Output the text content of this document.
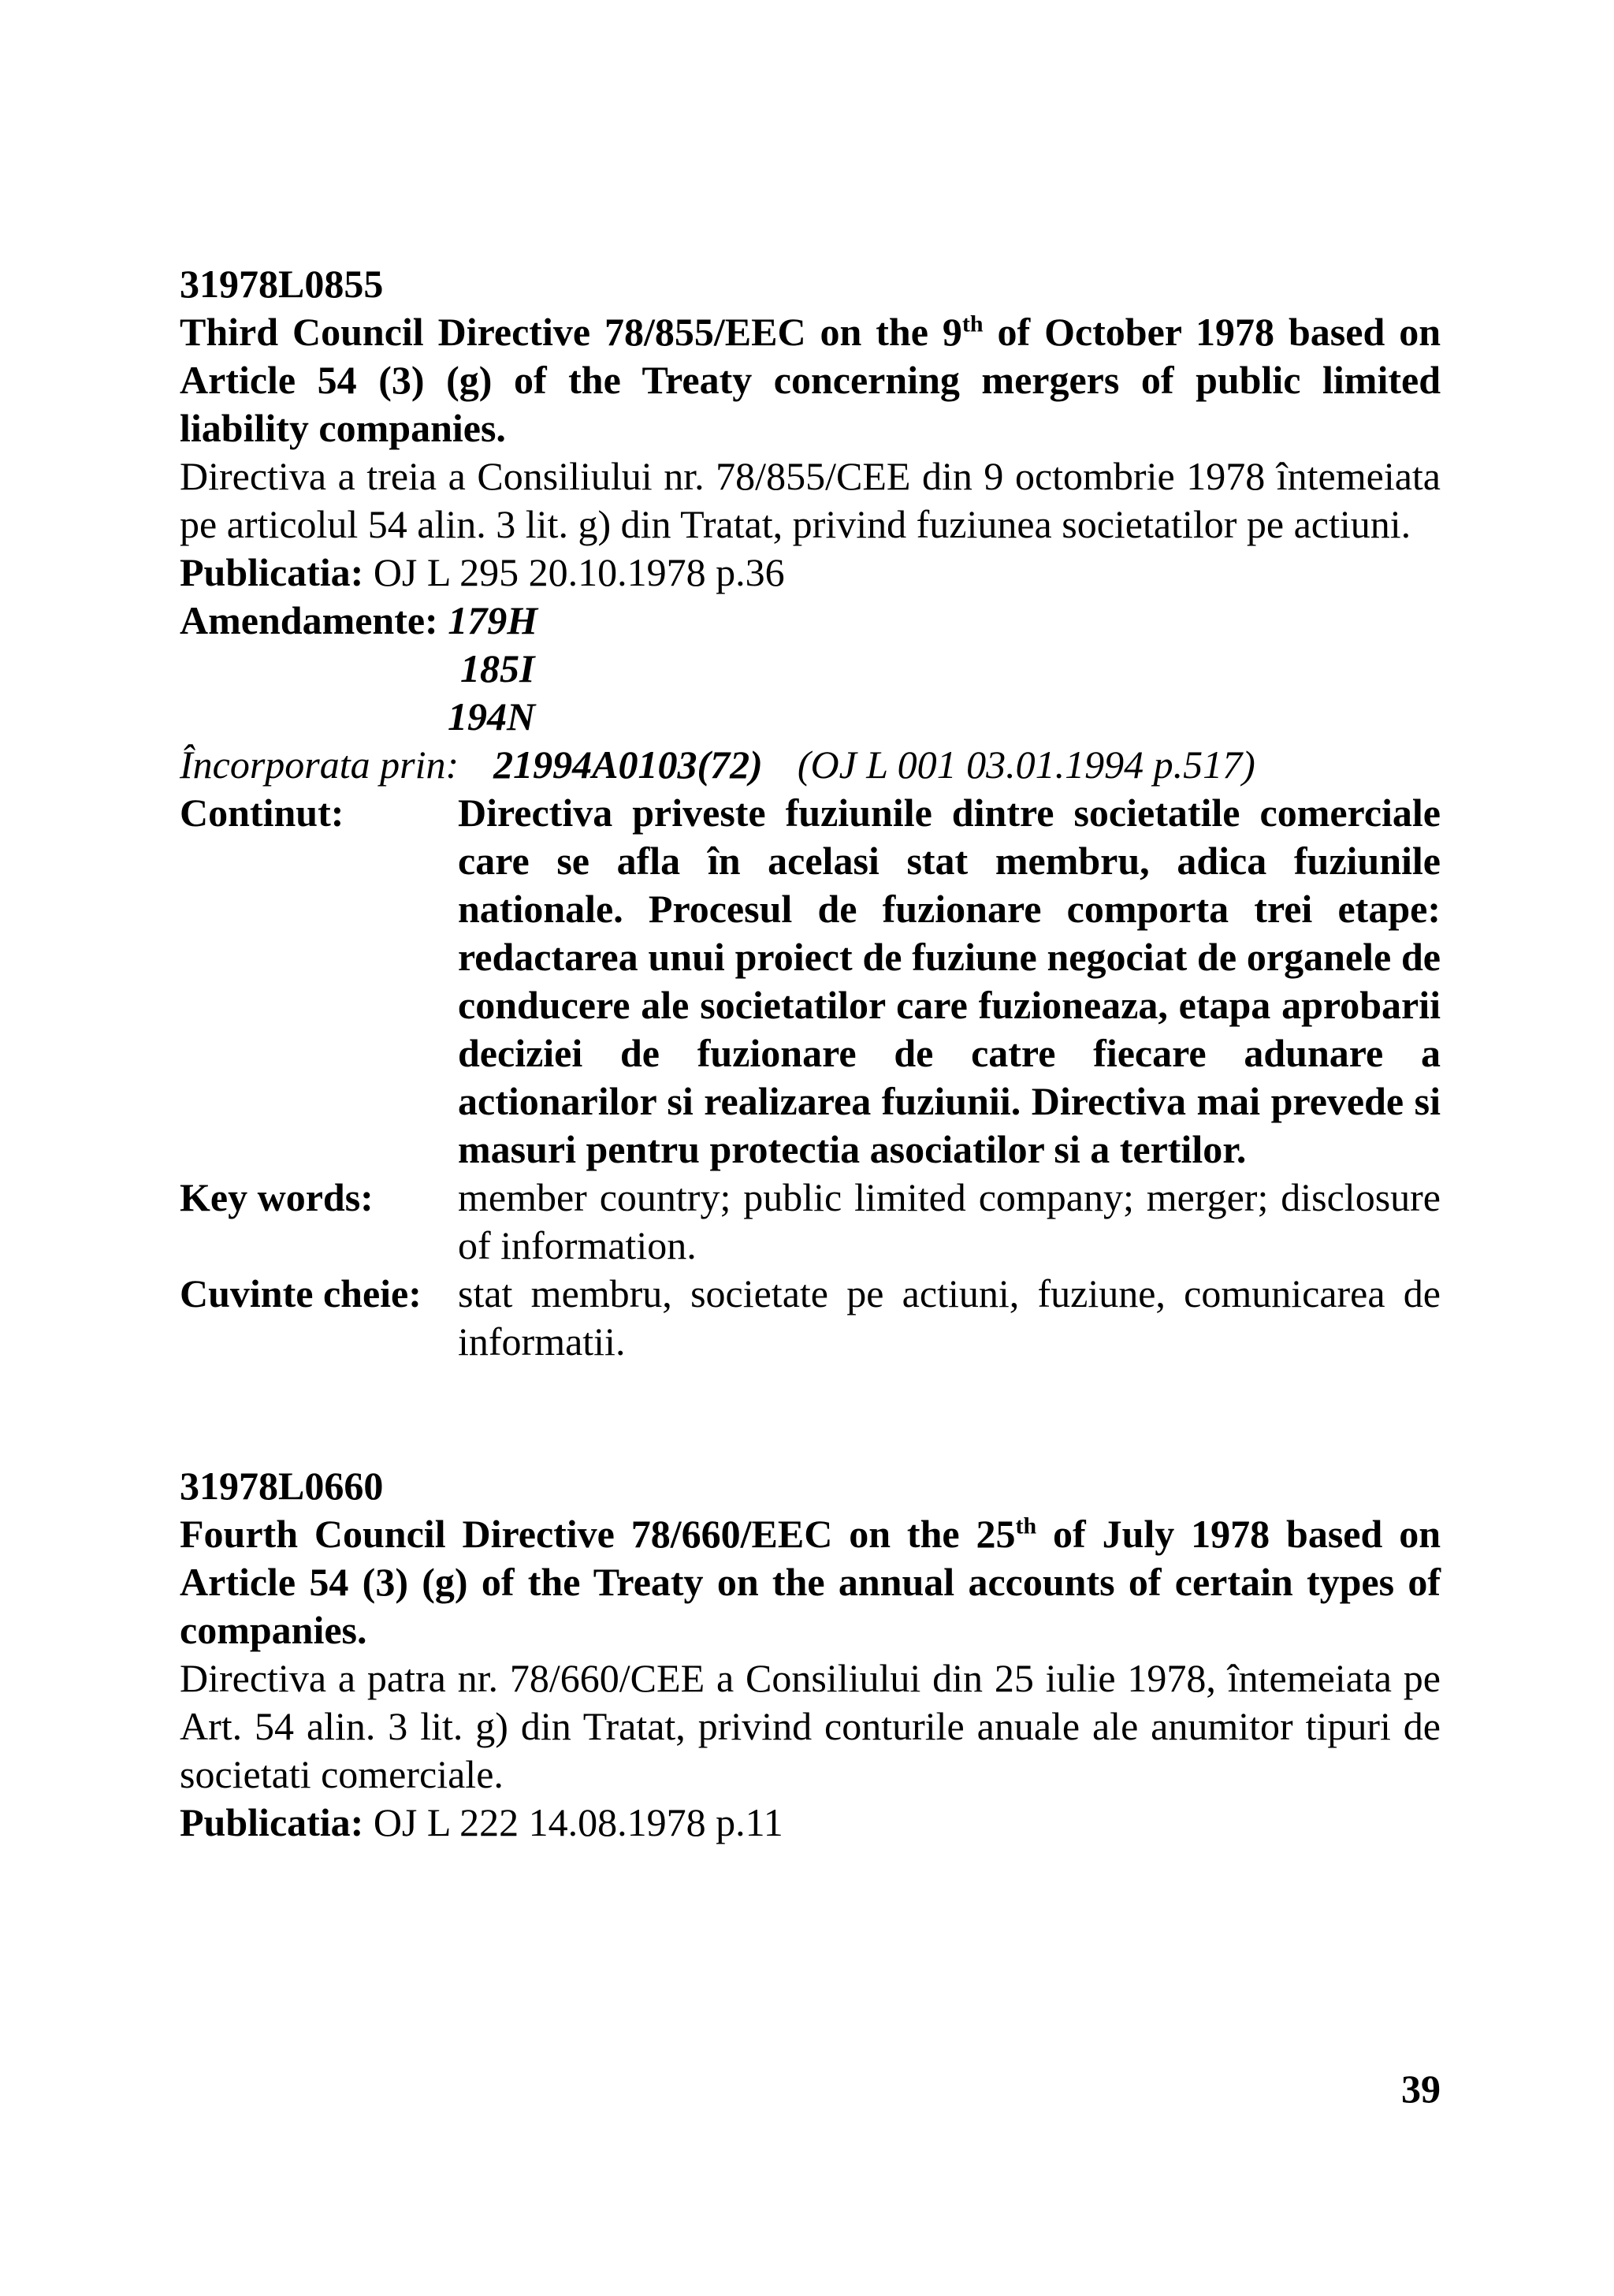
31978L0855

Third Council Directive 78/855/EEC on the 9th of October 1978 based on Article 54 (3) (g) of the Treaty concerning mergers of public limited liability companies.

Directiva a treia a Consiliului nr. 78/855/CEE din 9 octombrie 1978 întemeiata pe articolul 54 alin. 3 lit. g) din Tratat, privind fuziunea societatilor pe actiuni.

Publicatia: OJ L 295 20.10.1978 p.36

Amendamente: 179H

185I
194N

Încorporata prin: 21994A0103(72) (OJ L 001 03.01.1994 p.517)

Continut:	Directiva priveste fuziunile dintre societatile comerciale care se afla în acelasi stat membru, adica fuziunile nationale. Procesul de fuzionare comporta trei etape: redactarea unui proiect de fuziune negociat de organele de conducere ale societatilor care fuzioneaza, etapa aprobarii deciziei de fuzionare de catre fiecare adunare a actionarilor si realizarea fuziunii. Directiva mai prevede si masuri pentru protectia asociatilor si a tertilor.
Key words:	member country; public limited company; merger; disclosure of information.
Cuvinte cheie: stat membru, societate pe actiuni, fuziune, comunicarea de informatii.

31978L0660

Fourth Council Directive 78/660/EEC on the 25th of July 1978 based on Article 54 (3) (g) of the Treaty on the annual accounts of certain types of companies.

Directiva a patra nr. 78/660/CEE a Consiliului din 25 iulie 1978, întemeiata pe Art. 54 alin. 3 lit. g) din Tratat, privind conturile anuale ale anumitor tipuri de societati comerciale.

Publicatia: OJ L 222 14.08.1978 p.11

39
